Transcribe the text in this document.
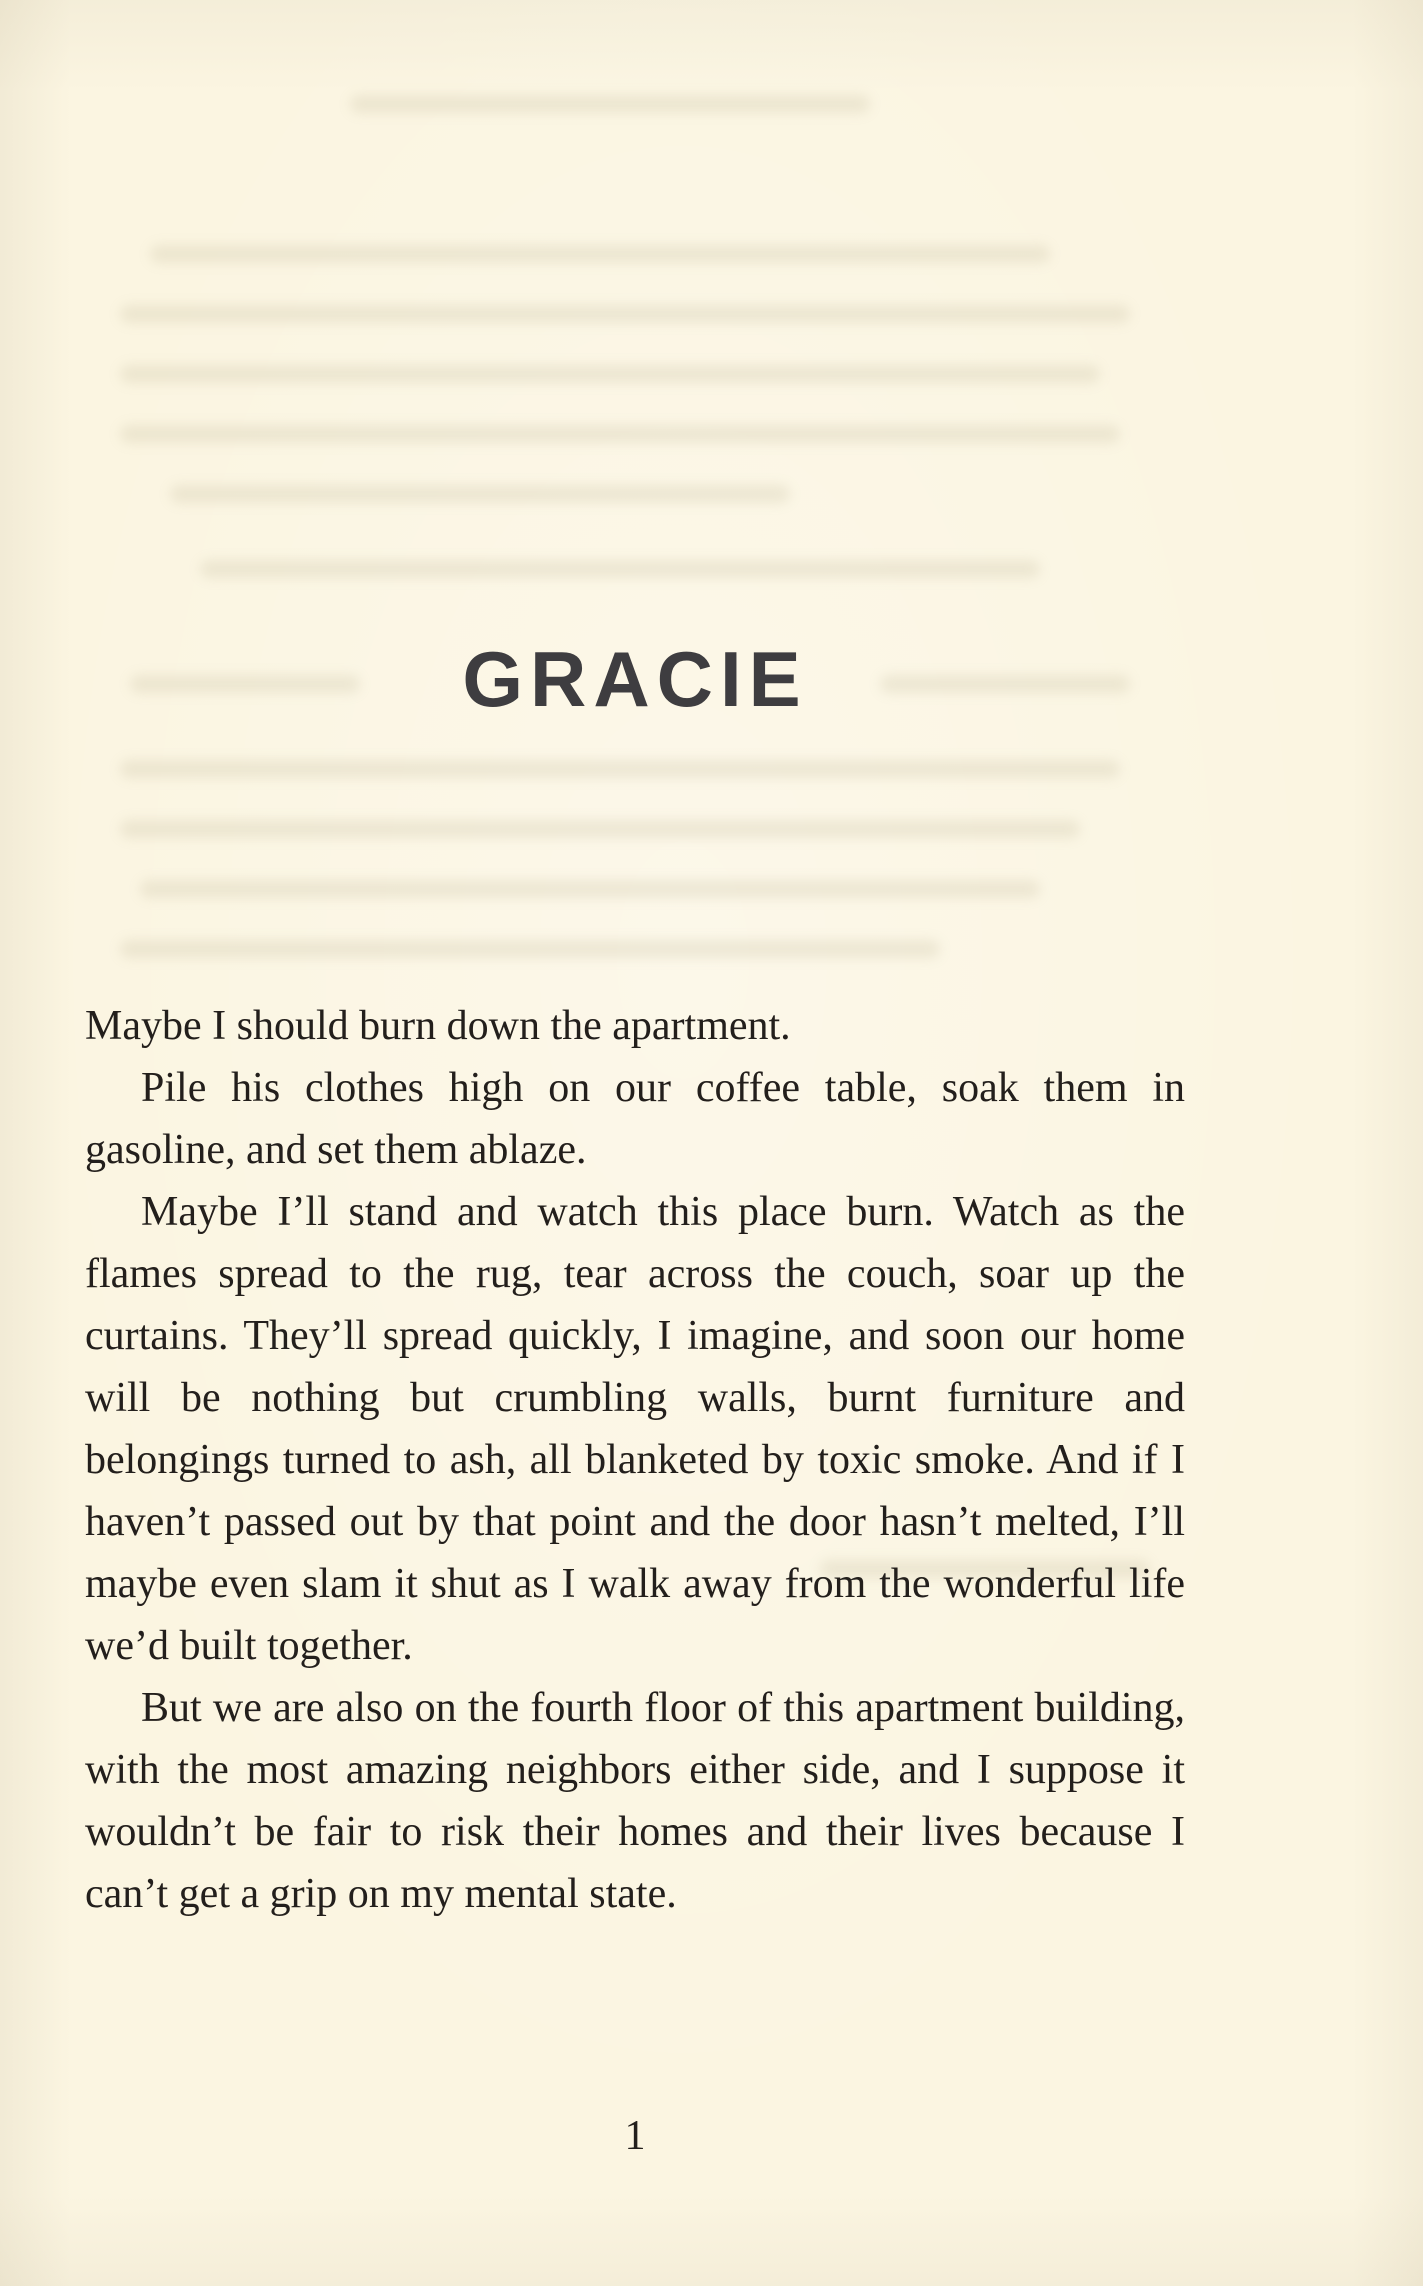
GRACIE

Maybe I should burn down the apartment.

Pile his clothes high on our coffee table, soak them in gasoline, and set them ablaze.

Maybe I’ll stand and watch this place burn. Watch as the flames spread to the rug, tear across the couch, soar up the curtains. They’ll spread quickly, I imagine, and soon our home will be nothing but crumbling walls, burnt furniture and belongings turned to ash, all blanketed by toxic smoke. And if I haven’t passed out by that point and the door hasn’t melted, I’ll maybe even slam it shut as I walk away from the wonderful life we’d built together.

But we are also on the fourth floor of this apartment building, with the most amazing neighbors either side, and I suppose it wouldn’t be fair to risk their homes and their lives because I can’t get a grip on my mental state.

1
